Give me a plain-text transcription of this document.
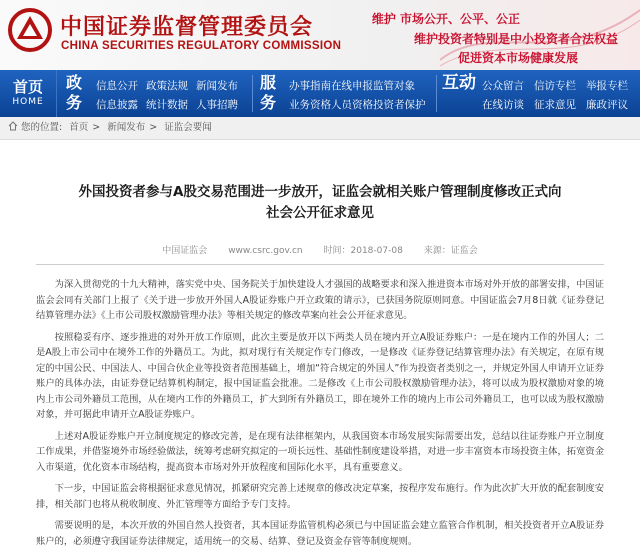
中国证券监督管理委员会
CHINA SECURITIES REGULATORY COMMISSION
维护 市场公开、公平、公正
维护投资者特别是中小投资者合法权益
促进资本市场健康发展
首页
HOME
政务
信息公开 政策法规 新闻发布
信息披露 统计数据 人事招聘
服务
办事指南在线申报监管对象
业务资格人员资格投资者保护
互动 公众留言 信访专栏 举报专栏
在线访谈 征求意见 廉政评议
您的位置: 首页 > 新闻发布 > 证监会要闻
外国投资者参与A股交易范围进一步放开，证监会就相关账户管理制度修改正式向
社会公开征求意见
中国证监会 www.csrc.gov.cn 时间：2018-07-08 来源：证监会

为深入贯彻党的十九大精神，落实党中央、国务院关于加快建设人才强国的战略要求和深入推进资本市场对外开放的部署安排，中国证监会会同有关部门上报了《关于进一步放开外国人A股证券账户开立政策的请示》，已获国务院原则同意。中国证监会7月8日就《证券登记结算管理办法》《上市公司股权激励管理办法》等相关规定的修改草案向社会公开征求意见。

按照稳妥有序、逐步推进的对外开放工作原则，此次主要是放开以下两类人员在境内开立A股证券账户：一是在境内工作的外国人；二是A股上市公司中在境外工作的外籍员工。为此，拟对现行有关规定作专门修改，一是修改《证券登记结算管理办法》有关规定，在原有规定的中国公民、中国法人、中国合伙企业等投资者范围基础上，增加“符合规定的外国人”作为投资者类别之一，并规定外国人申请开立证券账户的具体办法，由证券登记结算机构制定，报中国证监会批准。二是修改《上市公司股权激励管理办法》，将可以成为股权激励对象的境内上市公司外籍员工范围，从在境内工作的外籍员工，扩大到所有外籍员工，即在境外工作的境内上市公司外籍员工，也可以成为股权激励对象，并可据此申请开立A股证券账户。

上述对A股证券账户开立制度规定的修改完善，是在现有法律框架内，从我国资本市场发展实际需要出发，总结以往证券账户开立制度工作成果，并借鉴境外市场经验做法，统筹考虑研究拟定的一项长远性、基础性制度建设举措，对进一步丰富资本市场投资主体，拓宽资金入市渠道，优化资本市场结构，提高资本市场对外开放程度和国际化水平，具有重要意义。

下一步，中国证监会将根据征求意见情况，抓紧研究完善上述规章的修改决定草案，按程序发布施行。作为此次扩大开放的配套制度安排，相关部门也将从税收制度、外汇管理等方面给予专门支持。

需要说明的是，本次开放的外国自然人投资者，其本国证券监管机构必须已与中国证监会建立监管合作机制，相关投资者开立A股证券账户的，必须遵守我国证券法律规定，适用统一的交易、结算、登记及资金存管等制度规则。
